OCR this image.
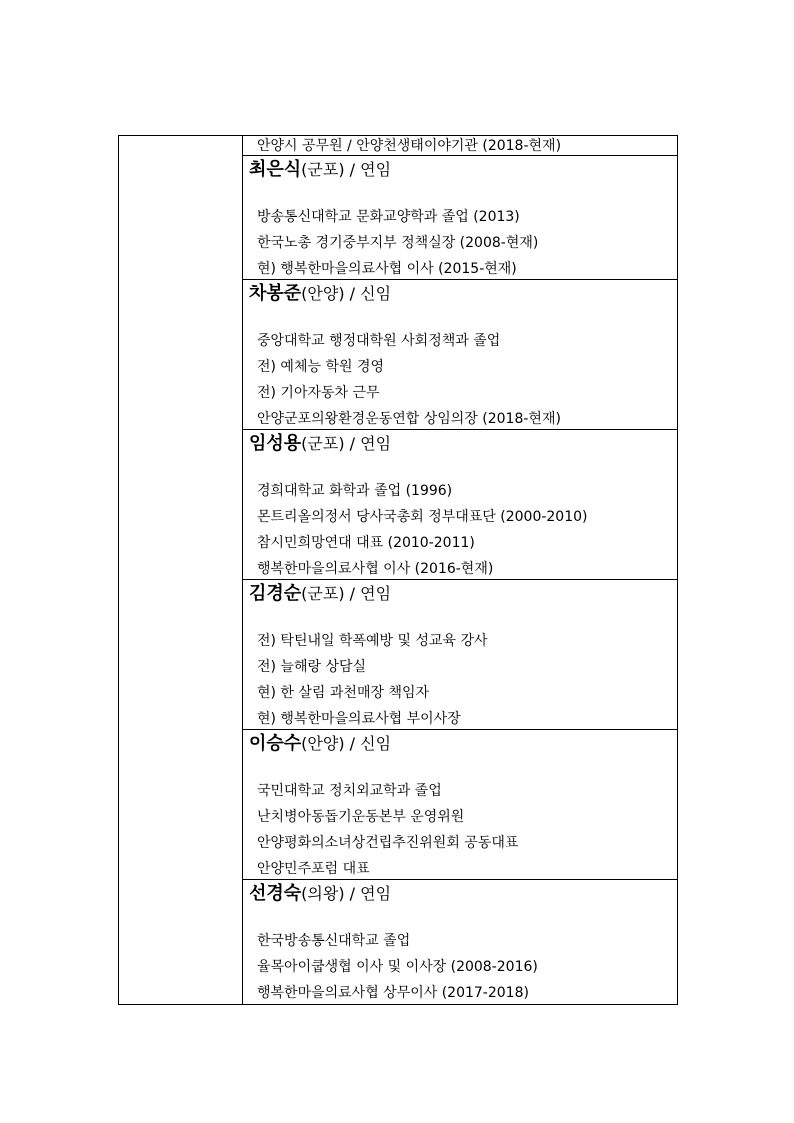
안양시 공무원 / 안양천생태이야기관 (2018-현재)
최은식(군포) / 연임
방송통신대학교 문화교양학과 졸업 (2013)
한국노총 경기중부지부 정책실장 (2008-현재)
현) 행복한마을의료사협 이사 (2015-현재)
차봉준(안양) / 신임
중앙대학교 행정대학원 사회정책과 졸업
전) 예체능 학원 경영
전) 기아자동차 근무
안양군포의왕환경운동연합 상임의장 (2018-현재)
임성용(군포) / 연임
경희대학교 화학과 졸업 (1996)
몬트리올의정서 당사국총회 정부대표단 (2000-2010)
참시민희망연대 대표 (2010-2011)
행복한마을의료사협 이사 (2016-현재)
김경순(군포) / 연임
전) 탁틴내일 학폭예방 및 성교육 강사
전) 늘해랑 상담실
현) 한 살림 과천매장 책임자
현) 행복한마을의료사협 부이사장
이승수(안양) / 신임
국민대학교 정치외교학과 졸업
난치병아동돕기운동본부 운영위원
안양평화의소녀상건립추진위원회 공동대표
안양민주포럼 대표
선경숙(의왕) / 연임
한국방송통신대학교 졸업
율목아이쿱생협 이사 및 이사장 (2008-2016)
행복한마을의료사협 상무이사 (2017-2018)
